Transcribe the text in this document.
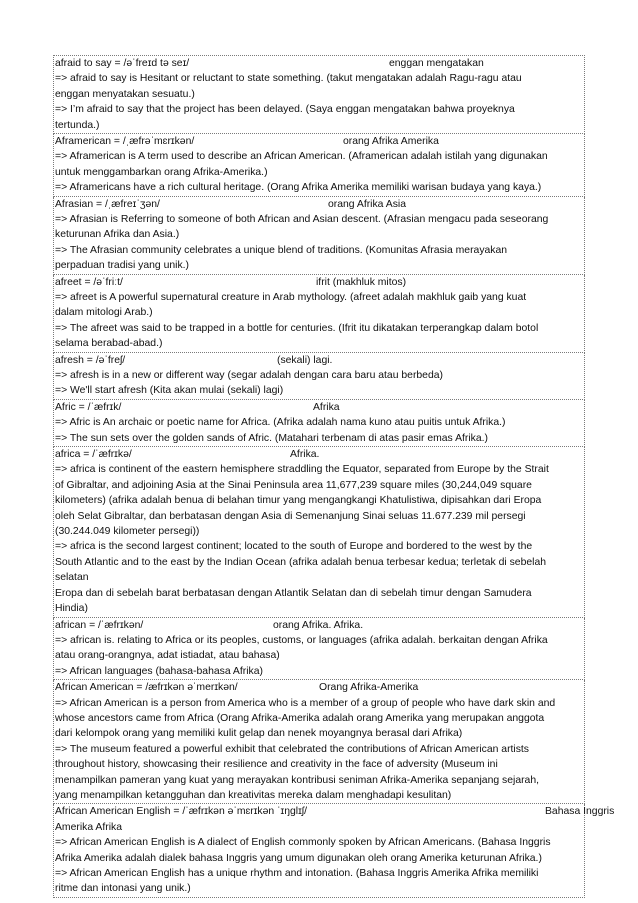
afraid to say = /əˈfreɪd tə seɪ/	enggan mengatakan
=> afraid to say is Hesitant or reluctant to state something. (takut mengatakan adalah Ragu-ragu atau
enggan menyatakan sesuatu.)
=> I’m afraid to say that the project has been delayed. (Saya enggan mengatakan bahwa proyeknya
tertunda.)
Aframerican = /ˌæfrəˈmɛrɪkən/	orang Afrika Amerika
=> Aframerican is A term used to describe an African American. (Aframerican adalah istilah yang digunakan
untuk menggambarkan orang Afrika-Amerika.)
=> Aframericans have a rich cultural heritage. (Orang Afrika Amerika memiliki warisan budaya yang kaya.)
Afrasian = /ˌæfreɪˈʒən/	orang Afrika Asia
=> Afrasian is Referring to someone of both African and Asian descent. (Afrasian mengacu pada seseorang
keturunan Afrika dan Asia.)
=> The Afrasian community celebrates a unique blend of traditions. (Komunitas Afrasia merayakan
perpaduan tradisi yang unik.)
afreet = /əˈfriːt/	ifrit (makhluk mitos)
=> afreet is A powerful supernatural creature in Arab mythology. (afreet adalah makhluk gaib yang kuat
dalam mitologi Arab.)
=> The afreet was said to be trapped in a bottle for centuries. (Ifrit itu dikatakan terperangkap dalam botol
selama berabad-abad.)
afresh = /əˈfreʃ/	(sekali) lagi.
=> afresh is in a new or different way (segar adalah dengan cara baru atau berbeda)
=> We'll start afresh (Kita akan mulai (sekali) lagi)
Afric = /ˈæfrɪk/	Afrika
=> Afric is An archaic or poetic name for Africa. (Afrika adalah nama kuno atau puitis untuk Afrika.)
=> The sun sets over the golden sands of Afric. (Matahari terbenam di atas pasir emas Afrika.)
africa = /ˈæfrɪkə/	Afrika.
=> africa is continent of the eastern hemisphere straddling the Equator, separated from Europe by the Strait
of Gibraltar, and adjoining Asia at the Sinai Peninsula area 11,677,239 square miles (30,244,049 square
kilometers) (afrika adalah benua di belahan timur yang mengangkangi Khatulistiwa, dipisahkan dari Eropa
oleh Selat Gibraltar, dan berbatasan dengan Asia di Semenanjung Sinai seluas 11.677.239 mil persegi
(30.244.049 kilometer persegi))
=> africa is the second largest continent; located to the south of Europe and bordered to the west by the
South Atlantic and to the east by the Indian Ocean (afrika adalah benua terbesar kedua; terletak di sebelah
selatan
Eropa dan di sebelah barat berbatasan dengan Atlantik Selatan dan di sebelah timur dengan Samudera
Hindia)
african = /ˈæfrɪkən/	orang Afrika. Afrika.
=> african is. relating to Africa or its peoples, customs, or languages (afrika adalah. berkaitan dengan Afrika
atau orang-orangnya, adat istiadat, atau bahasa)
=> African languages (bahasa-bahasa Afrika)
African American = /æfrɪkən əˈmerɪkən/	Orang Afrika-Amerika
=> African American is a person from America who is a member of a group of people who have dark skin and
whose ancestors came from Africa (Orang Afrika-Amerika adalah orang Amerika yang merupakan anggota
dari kelompok orang yang memiliki kulit gelap dan nenek moyangnya berasal dari Afrika)
=> The museum featured a powerful exhibit that celebrated the contributions of African American artists
throughout history, showcasing their resilience and creativity in the face of adversity (Museum ini
menampilkan pameran yang kuat yang merayakan kontribusi seniman Afrika-Amerika sepanjang sejarah,
yang menampilkan ketangguhan dan kreativitas mereka dalam menghadapi kesulitan)
African American English = /ˈæfrɪkən əˈmɛrɪkən ˈɪŋɡlɪʃ/	Bahasa Inggris
Amerika Afrika
=> African American English is A dialect of English commonly spoken by African Americans. (Bahasa Inggris
Afrika Amerika adalah dialek bahasa Inggris yang umum digunakan oleh orang Amerika keturunan Afrika.)
=> African American English has a unique rhythm and intonation. (Bahasa Inggris Amerika Afrika memiliki
ritme dan intonasi yang unik.)
